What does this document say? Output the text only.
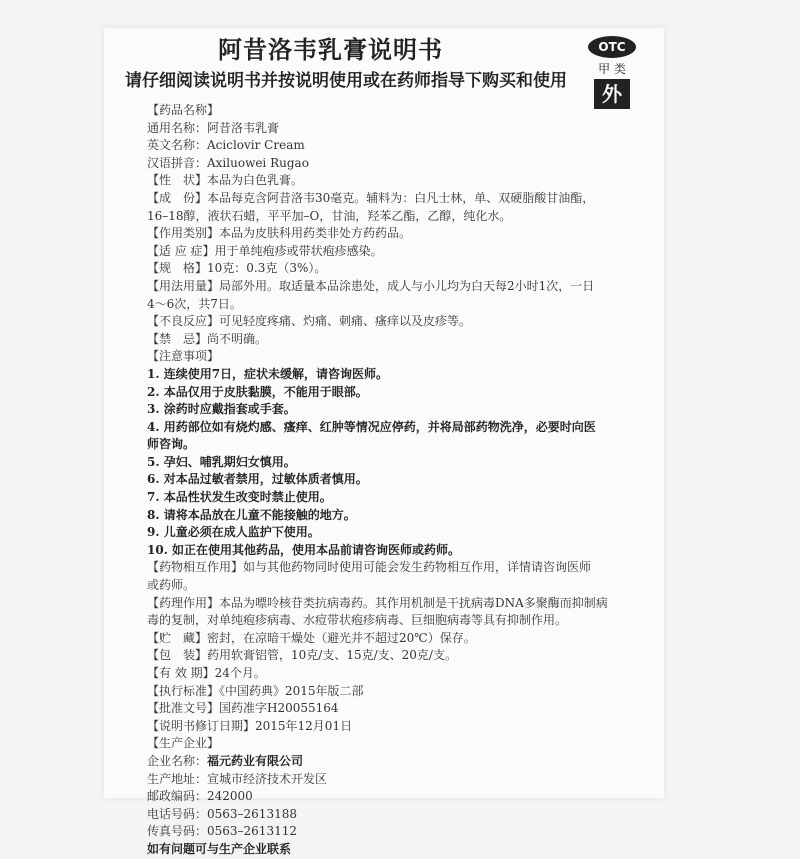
阿昔洛韦乳膏说明书
请仔细阅读说明书并按说明使用或在药师指导下购买和使用
OTC
甲 类
外
【药品名称】
通用名称：阿昔洛韦乳膏
英文名称：Aciclovir Cream
汉语拼音：Axiluowei Rugao
【性　状】本品为白色乳膏。
【成　份】本品每克含阿昔洛韦30毫克。辅料为：白凡士林，单、双硬脂酸甘油酯，
16–18醇，液状石蜡，平平加–O，甘油，羟苯乙酯，乙醇，纯化水。
【作用类别】本品为皮肤科用药类非处方药药品。
【适 应 症】用于单纯疱疹或带状疱疹感染。
【规　格】10克：0.3克（3%）。
【用法用量】局部外用。取适量本品涂患处，成人与小儿均为白天每2小时1次，一日
4～6次，共7日。
【不良反应】可见轻度疼痛、灼痛、刺痛、瘙痒以及皮疹等。
【禁　忌】尚不明确。
【注意事项】
1. 连续使用7日，症状未缓解，请咨询医师。
2. 本品仅用于皮肤黏膜，不能用于眼部。
3. 涂药时应戴指套或手套。
4. 用药部位如有烧灼感、瘙痒、红肿等情况应停药，并将局部药物洗净，必要时向医
师咨询。
5. 孕妇、哺乳期妇女慎用。
6. 对本品过敏者禁用，过敏体质者慎用。
7. 本品性状发生改变时禁止使用。
8. 请将本品放在儿童不能接触的地方。
9. 儿童必须在成人监护下使用。
10. 如正在使用其他药品，使用本品前请咨询医师或药师。
【药物相互作用】如与其他药物同时使用可能会发生药物相互作用，详情请咨询医师
或药师。
【药理作用】本品为嘌呤核苷类抗病毒药。其作用机制是干扰病毒DNA多聚酶而抑制病
毒的复制，对单纯疱疹病毒、水痘带状疱疹病毒、巨细胞病毒等具有抑制作用。
【贮　藏】密封，在凉暗干燥处（避光并不超过20℃）保存。
【包　装】药用软膏铝管，10克/支、15克/支、20克/支。
【有 效 期】24个月。
【执行标准】《中国药典》2015年版二部
【批准文号】国药准字H20055164
【说明书修订日期】2015年12月01日
【生产企业】
企业名称：福元药业有限公司
生产地址：宣城市经济技术开发区
邮政编码：242000
电话号码：0563–2613188
传真号码：0563–2613112
如有问题可与生产企业联系
